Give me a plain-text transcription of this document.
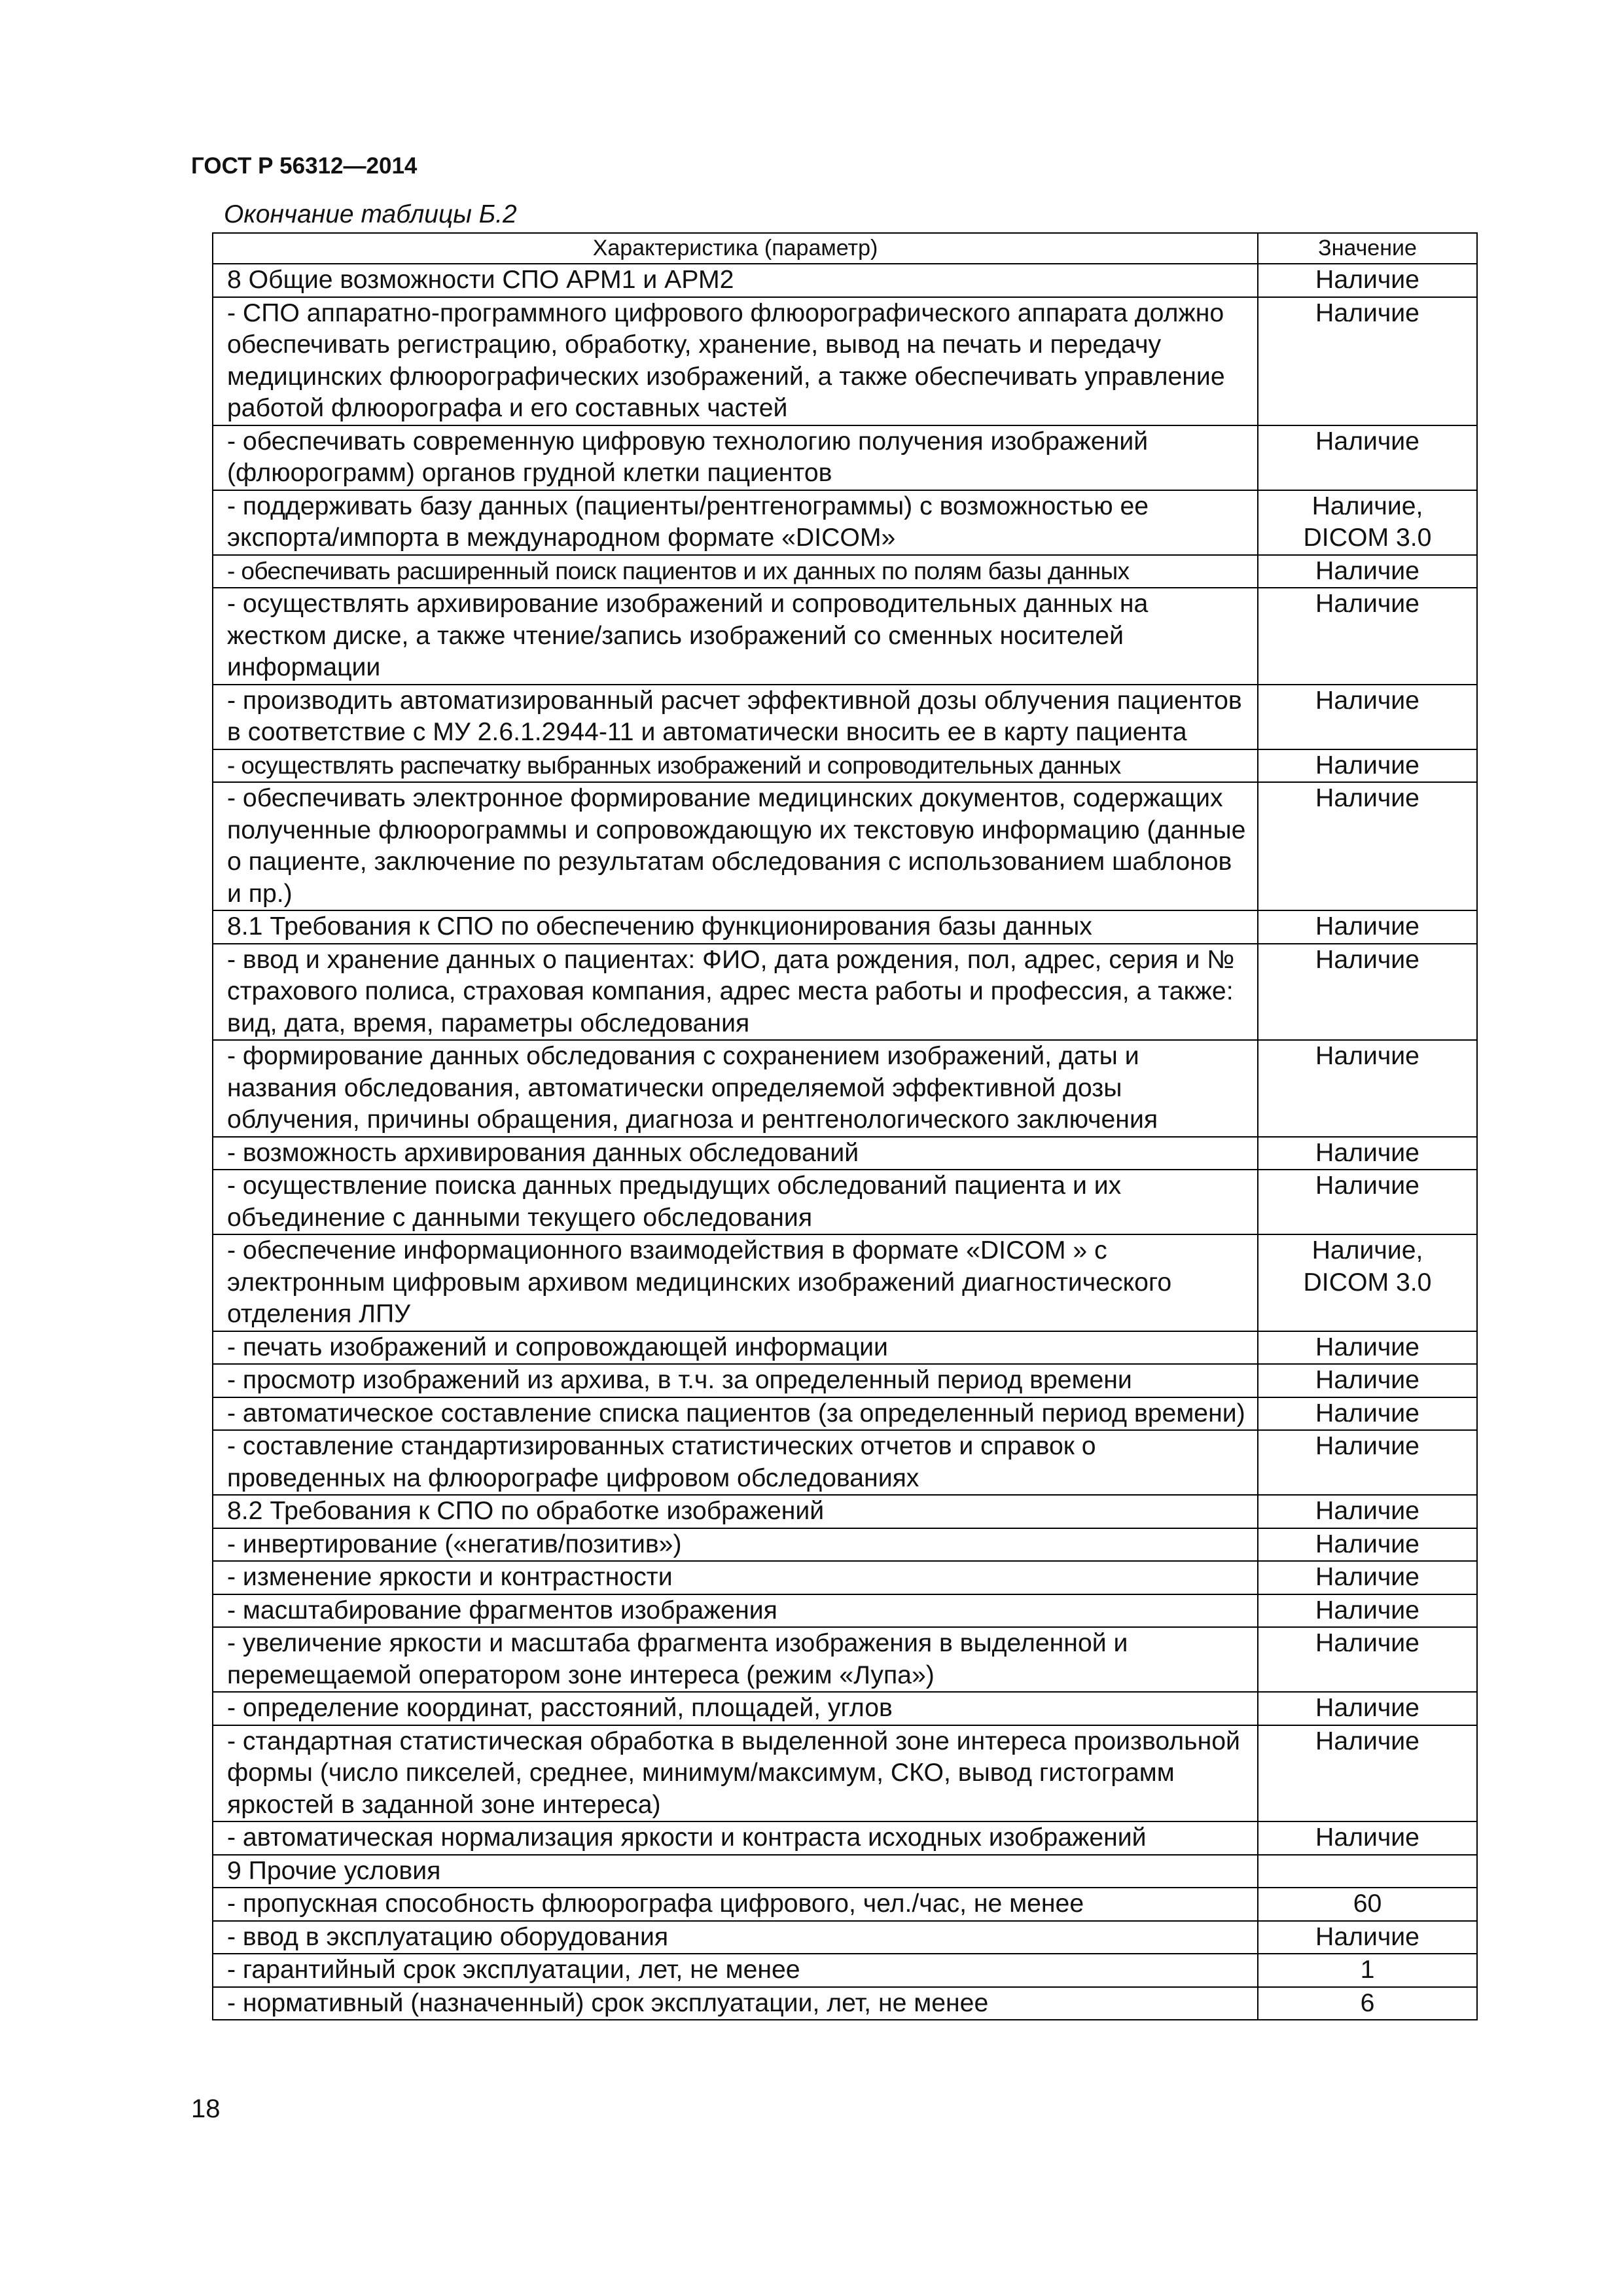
ГОСТ Р 56312—2014
Окончание таблицы Б.2
Характеристика (параметр)	Значение
8 Общие возможности СПО АРМ1 и АРМ2	Наличие
- СПО аппаратно-программного цифрового флюорографического аппарата должно обеспечивать регистрацию, обработку, хранение, вывод на печать и передачу медицинских флюорографических изображений, а также обеспечивать управление работой флюорографа и его составных частей	Наличие
- обеспечивать современную цифровую технологию получения изображений (флюорограмм) органов грудной клетки пациентов	Наличие
- поддерживать базу данных (пациенты/рентгенограммы) с возможностью ее экспорта/импорта в международном формате «DICOM»	Наличие,
DICOM 3.0
- обеспечивать расширенный поиск пациентов и их данных по полям базы данных	Наличие
- осуществлять архивирование изображений и сопроводительных данных на жестком диске, а также чтение/запись изображений со сменных носителей информации	Наличие
- производить автоматизированный расчет эффективной дозы облучения пациентов в соответствие с МУ 2.6.1.2944-11 и автоматически вносить ее в карту пациента	Наличие
- осуществлять распечатку выбранных изображений и сопроводительных данных	Наличие
- обеспечивать электронное формирование медицинских документов, содержащих полученные флюорограммы и сопровождающую их текстовую информацию (данные о пациенте, заключение по результатам обследования с использованием шаблонов и пр.)	Наличие
8.1 Требования к СПО по обеспечению функционирования базы данных	Наличие
- ввод и хранение данных о пациентах: ФИО, дата рождения, пол, адрес, серия и № страхового полиса, страховая компания, адрес места работы и профессия, а также: вид, дата, время, параметры обследования	Наличие
- формирование данных обследования с сохранением изображений, даты и названия обследования, автоматически определяемой эффективной дозы облучения, причины обращения, диагноза и рентгенологического заключения	Наличие
- возможность архивирования данных обследований	Наличие
- осуществление поиска данных предыдущих обследований пациента и их объединение с данными текущего обследования	Наличие
- обеспечение информационного взаимодействия в формате «DICOM » с электронным цифровым архивом медицинских изображений диагностического отделения ЛПУ	Наличие,
DICOM 3.0
- печать изображений и сопровождающей информации	Наличие
- просмотр изображений из архива, в т.ч. за определенный период времени	Наличие
- автоматическое составление списка пациентов (за определенный период времени)	Наличие
- составление стандартизированных статистических отчетов и справок о проведенных на флюорографе цифровом обследованиях	Наличие
8.2 Требования к СПО по обработке изображений	Наличие
- инвертирование («негатив/позитив»)	Наличие
- изменение яркости и контрастности	Наличие
- масштабирование фрагментов изображения	Наличие
- увеличение яркости и масштаба фрагмента изображения в выделенной и перемещаемой оператором зоне интереса (режим «Лупа»)	Наличие
- определение координат, расстояний, площадей, углов	Наличие
- стандартная статистическая обработка в выделенной зоне интереса произвольной формы (число пикселей, среднее, минимум/максимум, СКО, вывод гистограмм яркостей в заданной зоне интереса)	Наличие
- автоматическая нормализация яркости и контраста исходных изображений	Наличие
9 Прочие условия	
- пропускная способность флюорографа цифрового, чел./час, не менее	60
- ввод в эксплуатацию оборудования	Наличие
- гарантийный срок эксплуатации, лет, не менее	1
- нормативный (назначенный) срок эксплуатации, лет, не менее	6
18
